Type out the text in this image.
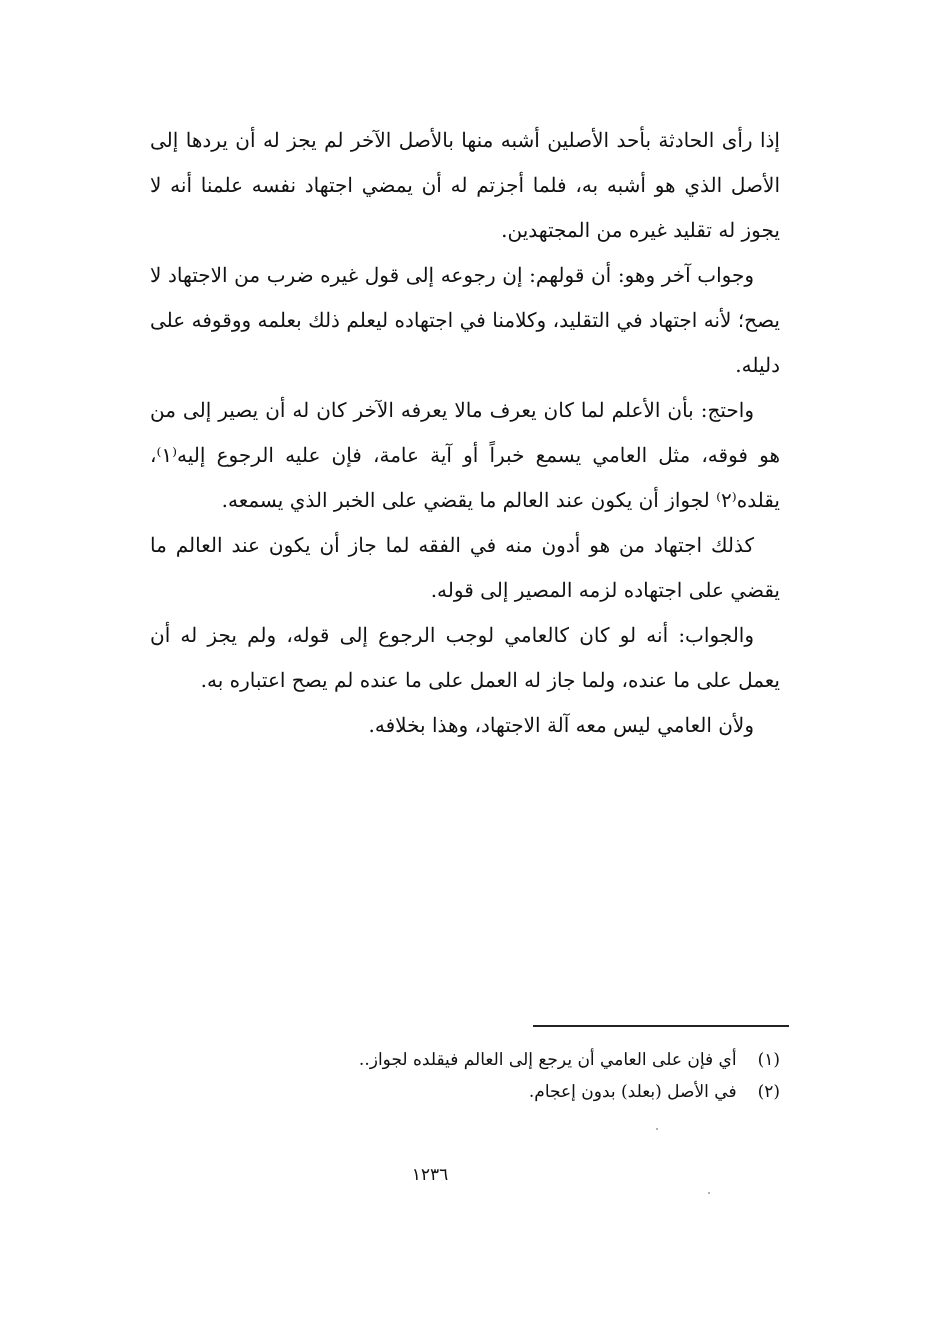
إذا رأى الحادثة بأحد الأصلين أشبه منها بالأصل الآخر لم يجز له أن يردها إلى الأصل الذي هو أشبه به، فلما أجزتم له أن يمضي اجتهاد نفسه علمنا أنه لا يجوز له تقليد غيره من المجتهدين.

وجواب آخر وهو: أن قولهم: إن رجوعه إلى قول غيره ضرب من الاجتهاد لا يصح؛ لأنه اجتهاد في التقليد، وكلامنا في اجتهاده ليعلم ذلك بعلمه ووقوفه على دليله.

واحتج: بأن الأعلم لما كان يعرف مالا يعرفه الآخر كان له أن يصير إلى من هو فوقه، مثل العامي يسمع خبراً أو آية عامة، فإن عليه الرجوع إليه⁽١⁾، يقلده⁽٢⁾ لجواز أن يكون عند العالم ما يقضي على الخبر الذي يسمعه.

كذلك اجتهاد من هو أدون منه في الفقه لما جاز أن يكون عند العالم ما يقضي على اجتهاده لزمه المصير إلى قوله.

والجواب: أنه لو كان كالعامي لوجب الرجوع إلى قوله، ولم يجز له أن يعمل على ما عنده، ولما جاز له العمل على ما عنده لم يصح اعتباره به.

ولأن العامي ليس معه آلة الاجتهاد، وهذا بخلافه.

(١) أي فإن على العامي أن يرجع إلى العالم فيقلده لجواز..

(٢) في الأصل (بعلد) بدون إعجام.

١٢٣٦
